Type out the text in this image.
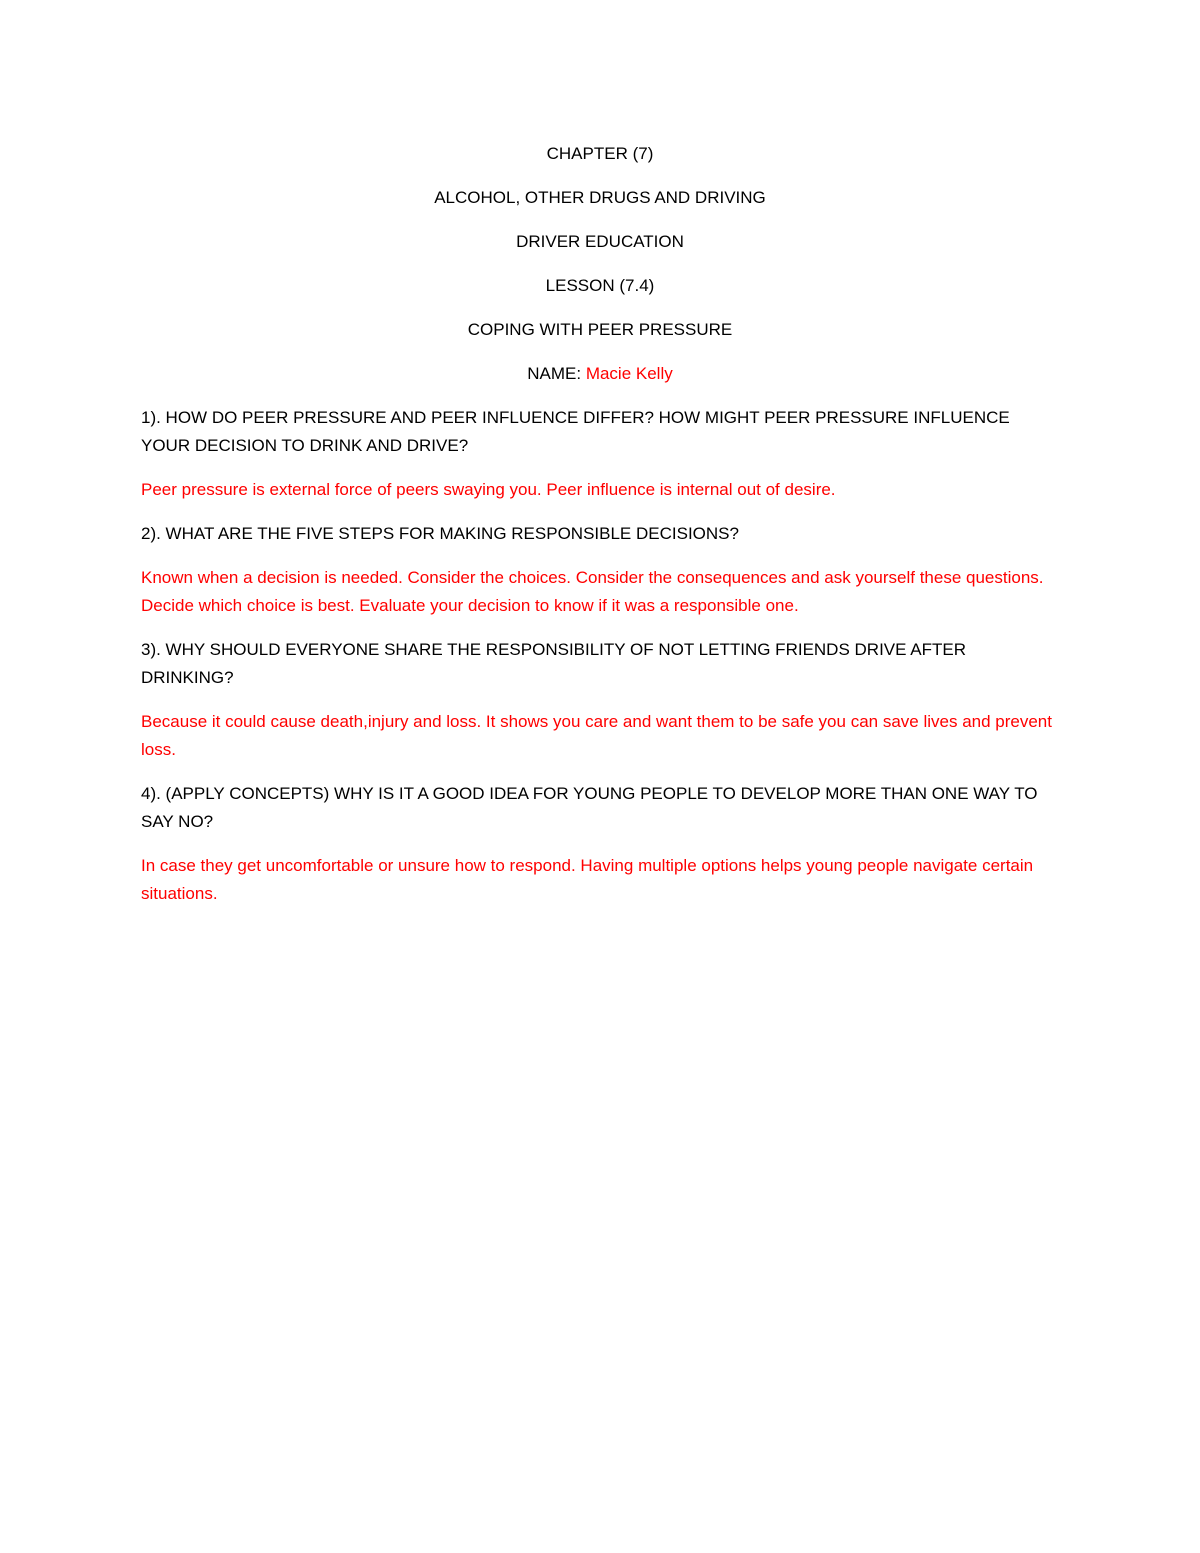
CHAPTER (7)

ALCOHOL, OTHER DRUGS AND DRIVING

DRIVER EDUCATION

LESSON (7.4)

COPING WITH PEER PRESSURE

NAME: Macie Kelly

1). HOW DO PEER PRESSURE AND PEER INFLUENCE DIFFER? HOW MIGHT PEER PRESSURE INFLUENCE YOUR DECISION TO DRINK AND DRIVE?

Peer pressure is external force of peers swaying you. Peer influence is internal out of desire.

2). WHAT ARE THE FIVE STEPS FOR MAKING RESPONSIBLE DECISIONS?

Known when a decision is needed. Consider the choices. Consider the consequences and ask yourself these questions. Decide which choice is best. Evaluate your decision to know if it was a responsible one.

3). WHY SHOULD EVERYONE SHARE THE RESPONSIBILITY OF NOT LETTING FRIENDS DRIVE AFTER DRINKING?

Because it could cause death,injury and loss. It shows you care and want them to be safe you can save lives and prevent loss.

4). (APPLY CONCEPTS) WHY IS IT A GOOD IDEA FOR YOUNG PEOPLE TO DEVELOP MORE THAN ONE WAY TO SAY NO?

In case they get uncomfortable or unsure how to respond. Having multiple options helps young people navigate certain situations.
